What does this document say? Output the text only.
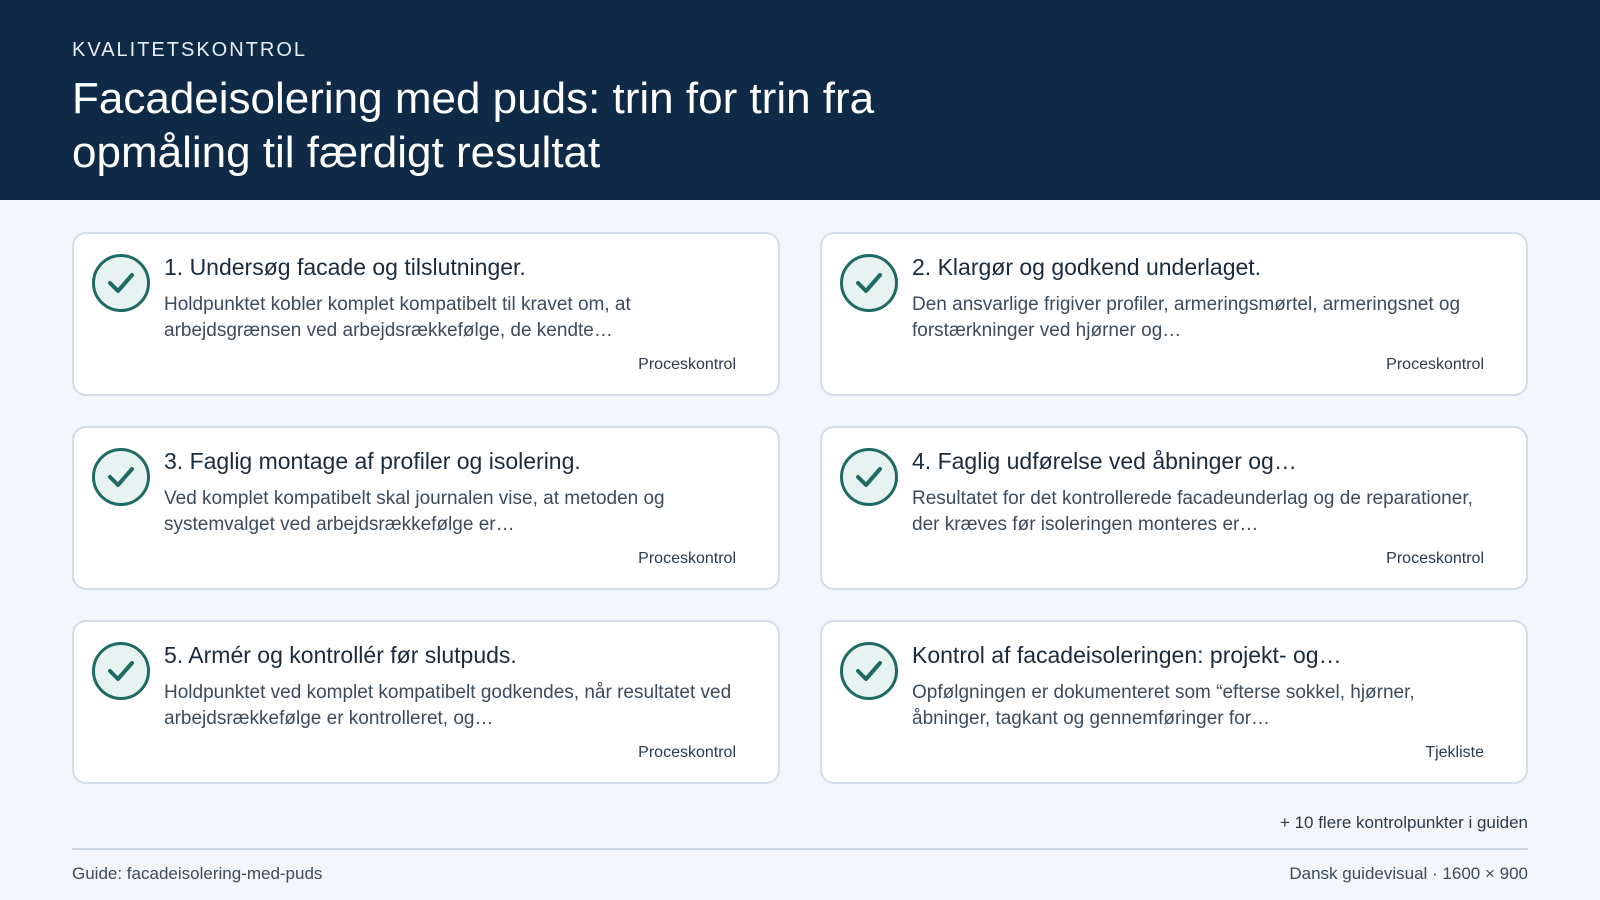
KVALITETSKONTROL
Facadeisolering med puds: trin for trin fra opmåling til færdigt resultat
1. Undersøg facade og tilslutninger.
Holdpunktet kobler komplet kompatibelt til kravet om, at arbejdsgrænsen ved arbejdsrækkefølge, de kendte…
Proceskontrol
2. Klargør og godkend underlaget.
Den ansvarlige frigiver profiler, armeringsmørtel, armeringsnet og forstærkninger ved hjørner og…
Proceskontrol
3. Faglig montage af profiler og isolering.
Ved komplet kompatibelt skal journalen vise, at metoden og systemvalget ved arbejdsrækkefølge er…
Proceskontrol
4. Faglig udførelse ved åbninger og…
Resultatet for det kontrollerede facadeunderlag og de reparationer, der kræves før isoleringen monteres er…
Proceskontrol
5. Armér og kontrollér før slutpuds.
Holdpunktet ved komplet kompatibelt godkendes, når resultatet ved arbejdsrækkefølge er kontrolleret, og…
Proceskontrol
Kontrol af facadeisoleringen: projekt- og…
Opfølgningen er dokumenteret som “efterse sokkel, hjørner, åbninger, tagkant og gennemføringer for…
Tjekliste
+ 10 flere kontrolpunkter i guiden
Guide: facadeisolering-med-puds	Dansk guidevisual · 1600 × 900
